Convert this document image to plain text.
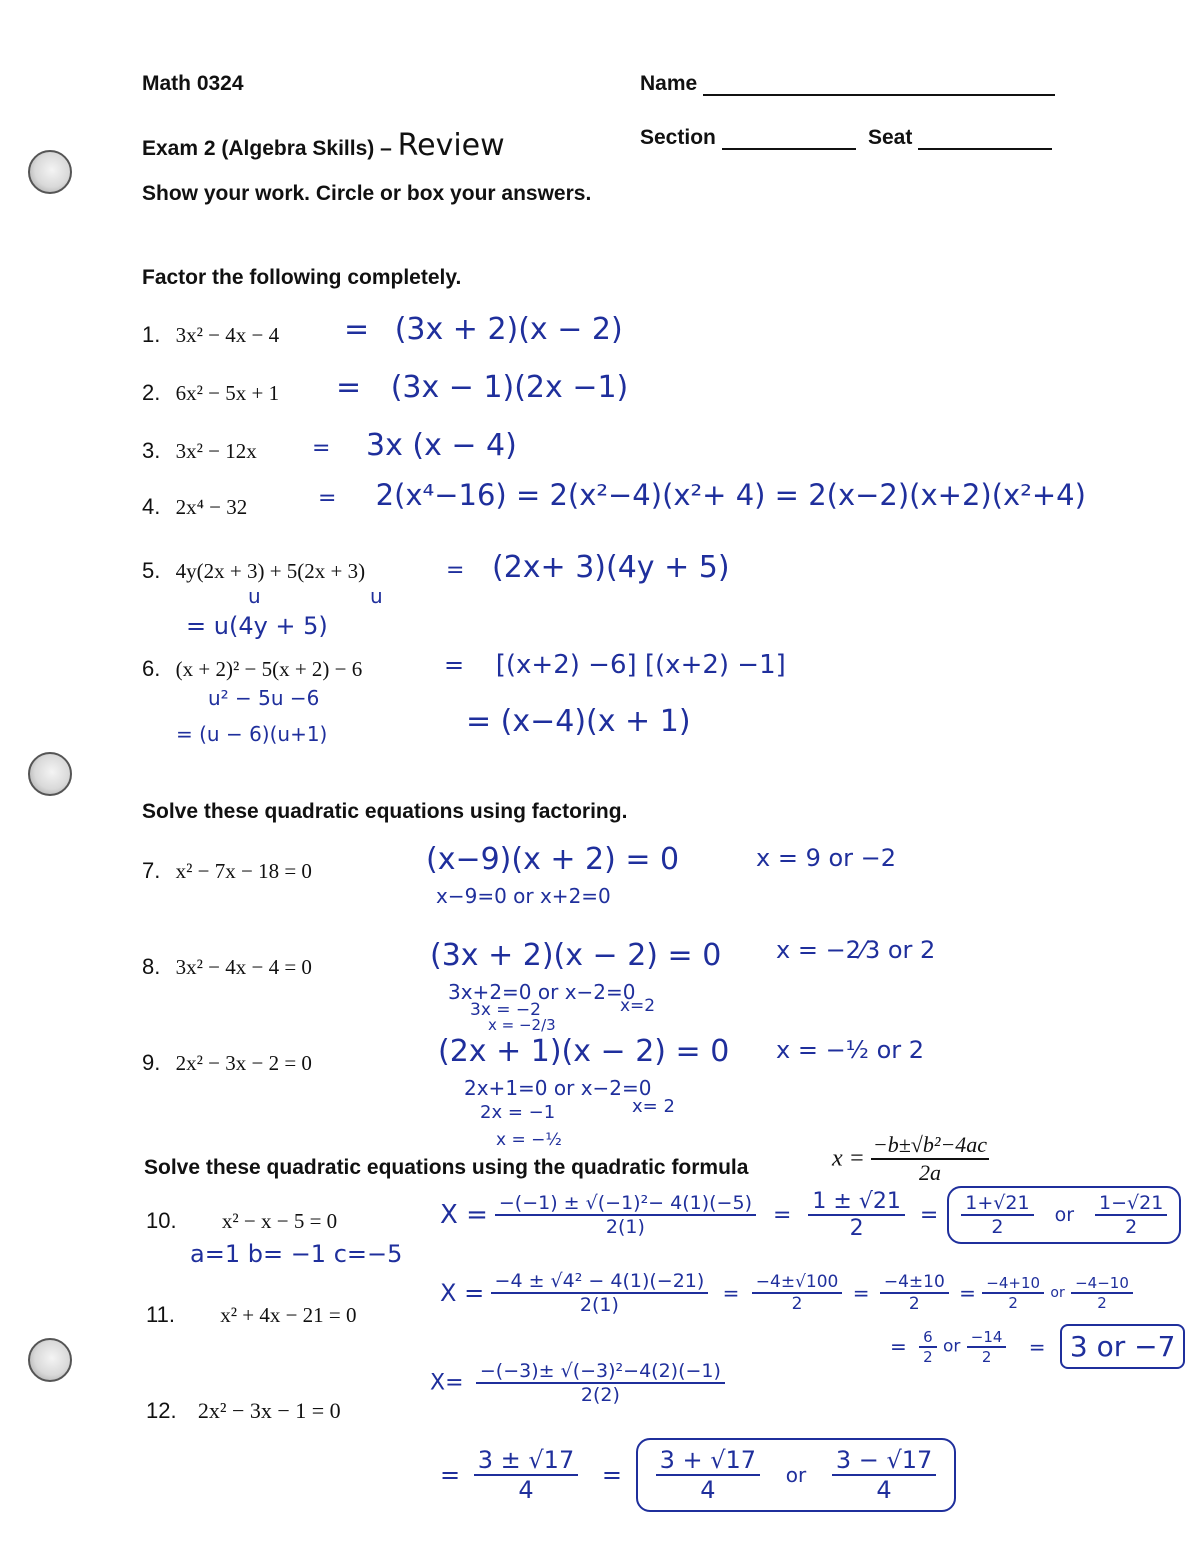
Math 0324	Name
Exam 2 (Algebra Skills) – Review	Section	Seat
Show your work. Circle or box your answers.
Factor the following completely.
1. 3x² − 4x − 4 = (3x + 2)(x − 2)
2. 6x² − 5x + 1 = (3x − 1)(2x −1)
3. 3x² − 12x	= 3x (x − 4)
4. 2x⁴ − 32	= 2(x⁴−16) = 2(x²−4)(x²+ 4) = 2(x−2)(x+2)(x²+4)
5. 4y(2x + 3) + 5(2x + 3)
u	u
= (2x+ 3)(4y + 5)
= u(4y + 5)
6. (x + 2)² − 5(x + 2) − 6	= [(x+2) −6] [(x+2) −1]
u² − 5u −6
= (u − 6)(u+1)	= (x−4)(x + 1)
Solve these quadratic equations using factoring.
7. x² − 7x − 18 = 0	(x−9)(x + 2) = 0
x−9=0 or x+2=0
x = 9 or −2
8. 3x² − 4x − 4 = 0	(3x + 2)(x − 2) = 0
3x+2=0 or x−2=0
3x = −2	x=2
x = −2/3
x = −2⁄3 or 2
9. 2x² − 3x − 2 = 0	(2x + 1)(x − 2) = 0
2x+1=0 or x−2=0
2x = −1	x= 2
x = −½
x = −½ or 2
Solve these quadratic equations using the quadratic formula	$x = \frac{\text{−b±√b²−4ac}}{2a}$
10. x² − x − 5 = 0
a=1 b= −1 c=−5
$X = \frac{\text{−(−1) ± √(−1)²− 4(1)(−5)}}{2(1)} = \frac{1 \pm √21}{2} = \frac{1+√21}{2}$ or $\frac{1-√21}{2}$
11. x² + 4x − 21 = 0
$X = \frac{\text{−4 ± √4² − 4(1)(−21)}}{2(1)} = \frac{-4\pm√100}{2} = \frac{-4\pm 10}{2} = \frac{-4+10}{2}$ or $\frac{-4-10}{2}$
= $\frac{6}{2}$ or $\frac{-14}{2} = 3$ or −7
12. 2x² − 3x − 1 = 0
$X= \frac{\text{−(−3)± √(−3)²−4(2)(−1)}}{2(2)}$
= $\frac{3 \pm √17}{4} = \frac{3 + √17}{4}$ or $\frac{3 - √17}{4}$
